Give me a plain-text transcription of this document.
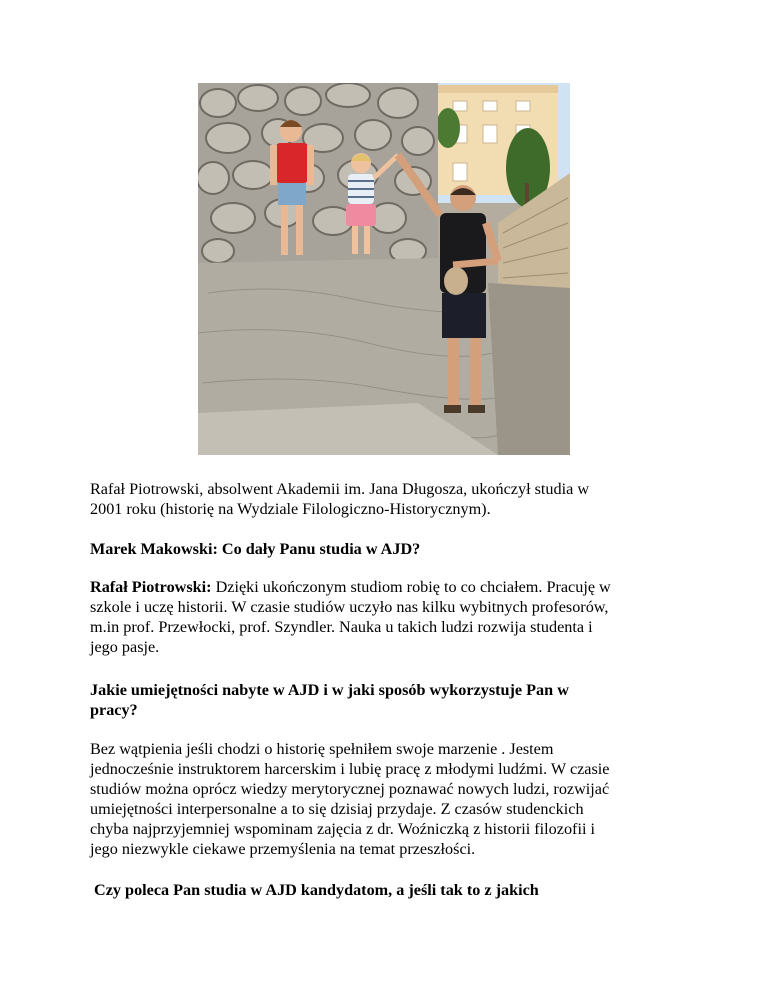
Rafał Piotrowski, absolwent Akademii im. Jana Długosza, ukończył studia w

2001 roku (historię na Wydziale Filologiczno-Historycznym).

Marek Makowski: Co dały Panu studia w AJD?

Rafał Piotrowski: Dzięki ukończonym studiom robię to co chciałem. Pracuję w

szkole i uczę historii. W czasie studiów uczyło nas kilku wybitnych profesorów,

m.in prof. Przewłocki, prof. Szyndler. Nauka u takich ludzi rozwija studenta i

jego pasje.

Jakie umiejętności nabyte w AJD i w jaki sposób wykorzystuje Pan w

pracy?

Bez wątpienia jeśli chodzi o historię spełniłem swoje marzenie . Jestem

jednocześnie instruktorem harcerskim i lubię pracę z młodymi ludźmi. W czasie

studiów można oprócz wiedzy merytorycznej poznawać nowych ludzi, rozwijać

umiejętności interpersonalne a to się dzisiaj przydaje. Z czasów studenckich

chyba najprzyjemniej wspominam zajęcia z dr. Woźniczką z historii filozofii i

jego niezwykle ciekawe przemyślenia na temat przeszłości.

Czy poleca Pan studia w AJD kandydatom, a jeśli tak to z jakich
